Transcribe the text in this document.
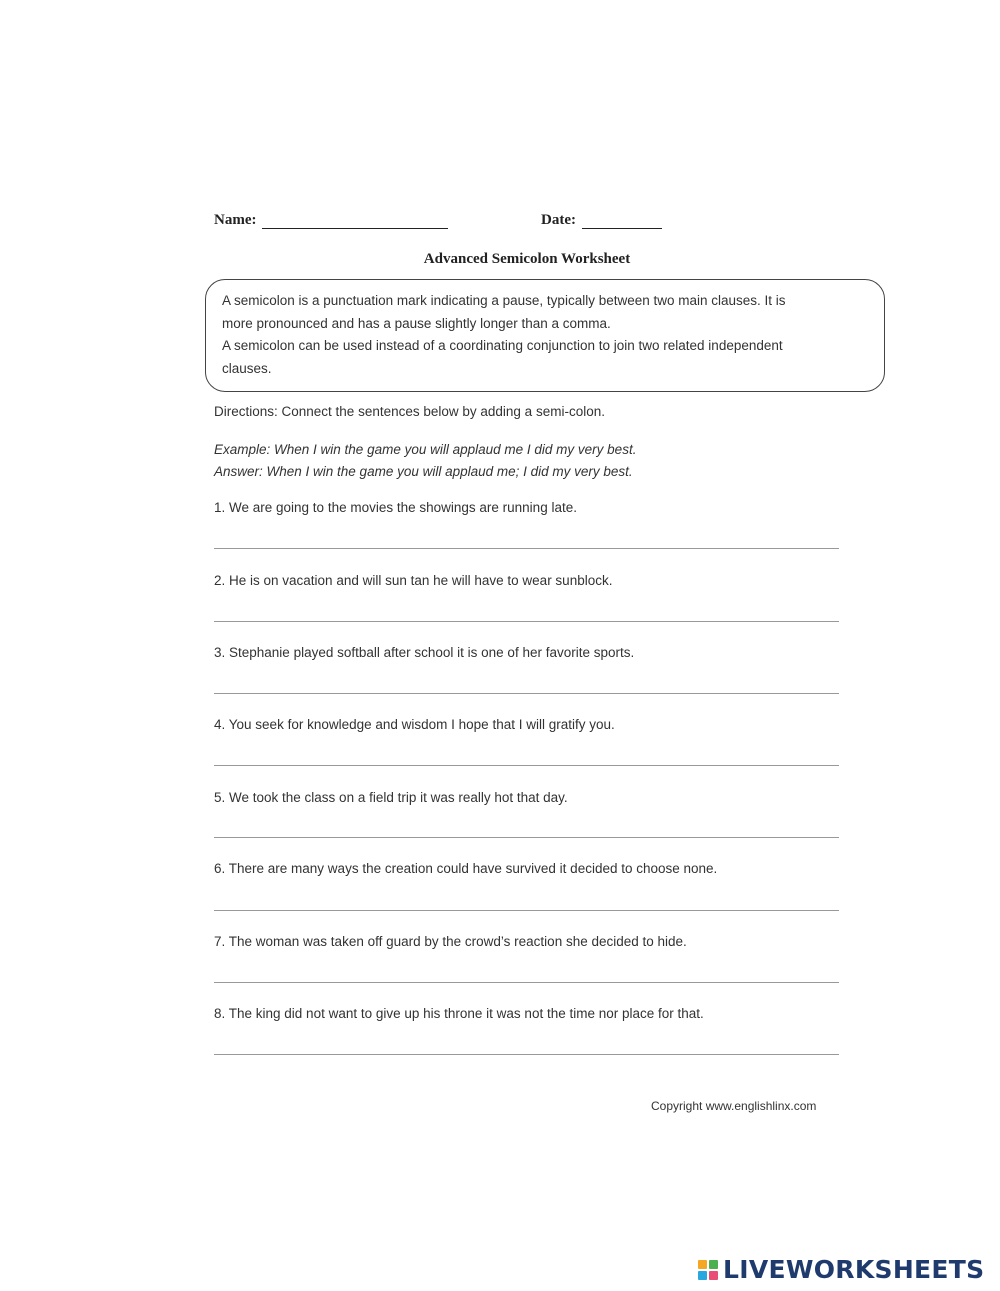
Name:	Date:
Advanced Semicolon Worksheet

A semicolon is a punctuation mark indicating a pause, typically between two main clauses. It is

more pronounced and has a pause slightly longer than a comma.

A semicolon can be used instead of a coordinating conjunction to join two related independent

clauses.

Directions: Connect the sentences below by adding a semi-colon.
Example: When I win the game you will applaud me I did my very best.
Answer: When I win the game you will applaud me; I did my very best.
1. We are going to the movies the showings are running late.
2. He is on vacation and will sun tan he will have to wear sunblock.
3. Stephanie played softball after school it is one of her favorite sports.
4. You seek for knowledge and wisdom I hope that I will gratify you.
5. We took the class on a field trip it was really hot that day.
6. There are many ways the creation could have survived it decided to choose none.
7. The woman was taken off guard by the crowd’s reaction she decided to hide.
8. The king did not want to give up his throne it was not the time nor place for that.
Copyright www.englishlinx.com
LIVEWORKSHEETS
